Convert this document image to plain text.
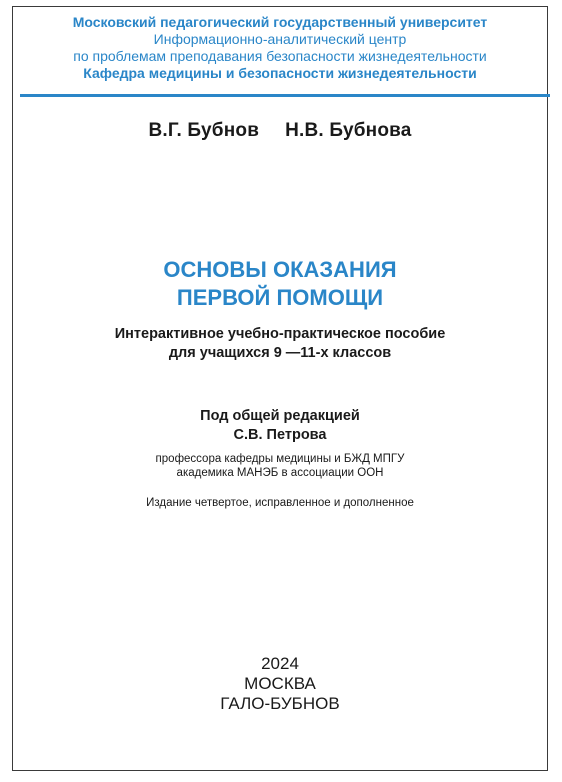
Московский педагогический государственный университет
Информационно-аналитический центр
по проблемам преподавания безопасности жизнедеятельности
Кафедра медицины и безопасности жизнедеятельности
В.Г. Бубнов Н.В. Бубнова
ОСНОВЫ ОКАЗАНИЯ
ПЕРВОЙ ПОМОЩИ
Интерактивное учебно-практическое пособие
для учащихся 9 —11-х классов
Под общей редакцией
С.В. Петрова
профессора кафедры медицины и БЖД МПГУ
академика МАНЭБ в ассоциации ООН
Издание четвертое, исправленное и дополненное
2024
МОСКВА
ГАЛО-БУБНОВ
